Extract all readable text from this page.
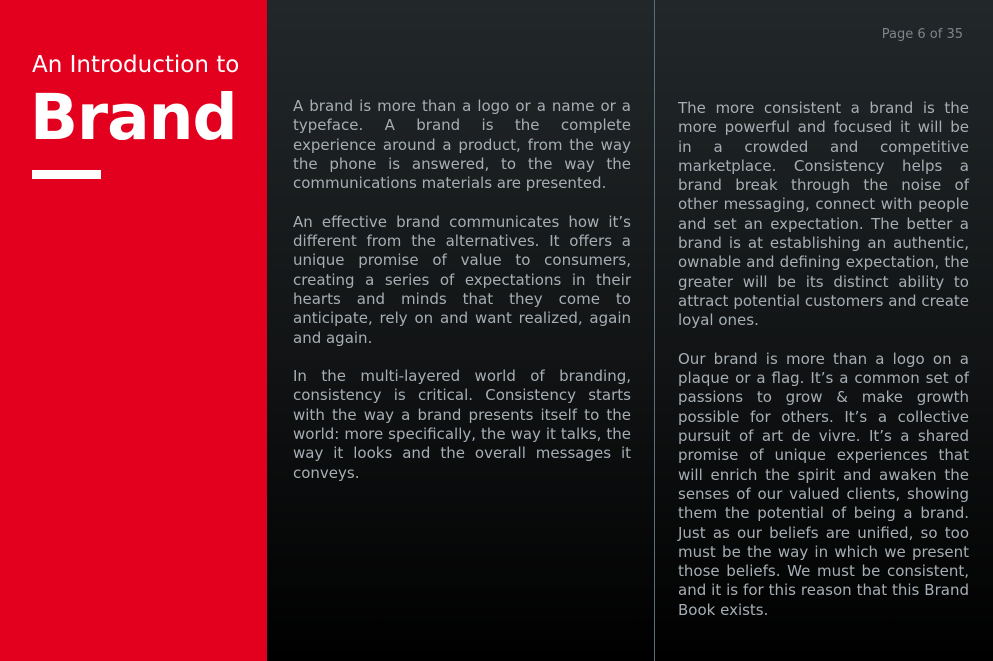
An Introduction to
Brand
Page 6 of 35

A brand is more than a logo or a name or a typeface. A brand is the complete experience around a product, from the way the phone is answered, to the way the communications materials are presented.

An effective brand communicates how it’s different from the alternatives. It offers a unique promise of value to consumers, creating a series of expectations in their hearts and minds that they come to anticipate, rely on and want realized, again and again.

In the multi-layered world of branding, consistency is critical. Consistency starts with the way a brand presents itself to the world: more specifically, the way it talks, the way it looks and the overall messages it conveys.

The more consistent a brand is the more powerful and focused it will be in a crowded and competitive marketplace. Consistency helps a brand break through the noise of other messaging, connect with people and set an expectation. The better a brand is at establishing an authentic, ownable and defining expectation, the greater will be its distinct ability to attract potential customers and create loyal ones.

Our brand is more than a logo on a plaque or a flag. It’s a common set of passions to grow & make growth possible for others. It’s a collective pursuit of art de vivre. It’s a shared promise of unique experiences that will enrich the spirit and awaken the senses of our valued clients, showing them the potential of being a brand. Just as our beliefs are unified, so too must be the way in which we present those beliefs. We must be consistent, and it is for this reason that this Brand Book exists.
